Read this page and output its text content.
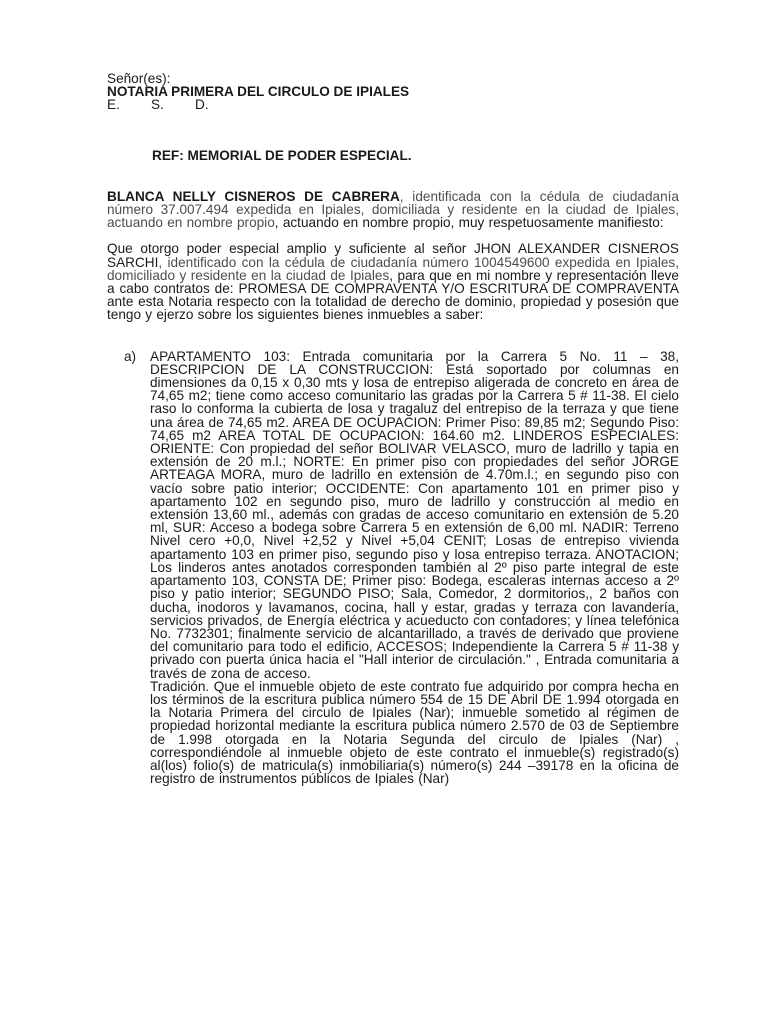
Señor(es):
NOTARIA PRIMERA DEL CIRCULO DE IPIALES
E. S. D.
REF: MEMORIAL DE PODER ESPECIAL.

BLANCA NELLY CISNEROS DE CABRERA, identificada con la cédula de ciudadanía número 37.007.494 expedida en Ipiales, domiciliada y residente en la ciudad de Ipiales, actuando en nombre propio, actuando en nombre propio, muy respetuosamente manifiesto:

Que otorgo poder especial amplio y suficiente al señor JHON ALEXANDER CISNEROS SARCHI, identificado con la cédula de ciudadanía número 1004549600 expedida en Ipiales, domiciliado y residente en la ciudad de Ipiales, para que en mi nombre y representación lleve a cabo contratos de: PROMESA DE COMPRAVENTA Y/O ESCRITURA DE COMPRAVENTA ante esta Notaria respecto con la totalidad de derecho de dominio, propiedad y posesión que tengo y ejerzo sobre los siguientes bienes inmuebles a saber:

a) APARTAMENTO 103: Entrada comunitaria por la Carrera 5 No. 11 – 38, DESCRIPCION DE LA CONSTRUCCION: Está soportado por columnas en dimensiones da 0,15 x 0,30 mts y losa de entrepiso aligerada de concreto en área de 74,65 m2; tiene como acceso comunitario las gradas por la Carrera 5 # 11-38. El cielo raso lo conforma la cubierta de losa y tragaluz del entrepiso de la terraza y que tiene una área de 74,65 m2. AREA DE OCUPACION: Primer Piso: 89,85 m2; Segundo Piso: 74,65 m2 AREA TOTAL DE OCUPACION: 164.60 m2. LINDEROS ESPECIALES: ORIENTE: Con propiedad del señor BOLIVAR VELASCO, muro de ladrillo y tapia en extensión de 20 m.l.; NORTE: En primer piso con propiedades del señor JORGE ARTEAGA MORA, muro de ladrillo en extensión de 4.70m.l.; en segundo piso con vacío sobre patio interior; OCCIDENTE: Con apartamento 101 en primer piso y apartamento 102 en segundo piso, muro de ladrillo y construcción al medio en extensión 13,60 ml., además con gradas de acceso comunitario en extensión de 5.20 ml, SUR: Acceso a bodega sobre Carrera 5 en extensión de 6,00 ml. NADIR: Terreno Nivel cero +0,0, Nivel +2,52 y Nivel +5,04 CENIT; Losas de entrepiso vivienda apartamento 103 en primer piso, segundo piso y losa entrepiso terraza. ANOTACION; Los linderos antes anotados corresponden también al 2º piso parte integral de este apartamento 103, CONSTA DE; Primer piso: Bodega, escaleras internas acceso a 2º piso y patio interior; SEGUNDO PISO; Sala, Comedor, 2 dormitorios,, 2 baños con ducha, inodoros y lavamanos, cocina, hall y estar, gradas y terraza con lavandería, servicios privados, de Energía eléctrica y acueducto con contadores; y línea telefónica No. 7732301; finalmente servicio de alcantarillado, a través de derivado que proviene del comunitario para todo el edificio, ACCESOS; Independiente la Carrera 5 # 11-38 y privado con puerta única hacia el "Hall interior de circulación." , Entrada comunitaria a través de zona de acceso.
Tradición. Que el inmueble objeto de este contrato fue adquirido por compra hecha en los términos de la escritura publica número 554 de 15 DE Abril DE 1.994 otorgada en la Notaria Primera del circulo de Ipiales (Nar); inmueble sometido al régimen de propiedad horizontal mediante la escritura publica número 2.570 de 03 de Septiembre de 1.998 otorgada en la Notaria Segunda del circulo de Ipiales (Nar) , correspondiéndole al inmueble objeto de este contrato el inmueble(s) registrado(s) al(los) folio(s) de matricula(s) inmobiliaria(s) número(s) 244 –39178 en la oficina de registro de instrumentos públicos de Ipiales (Nar)
